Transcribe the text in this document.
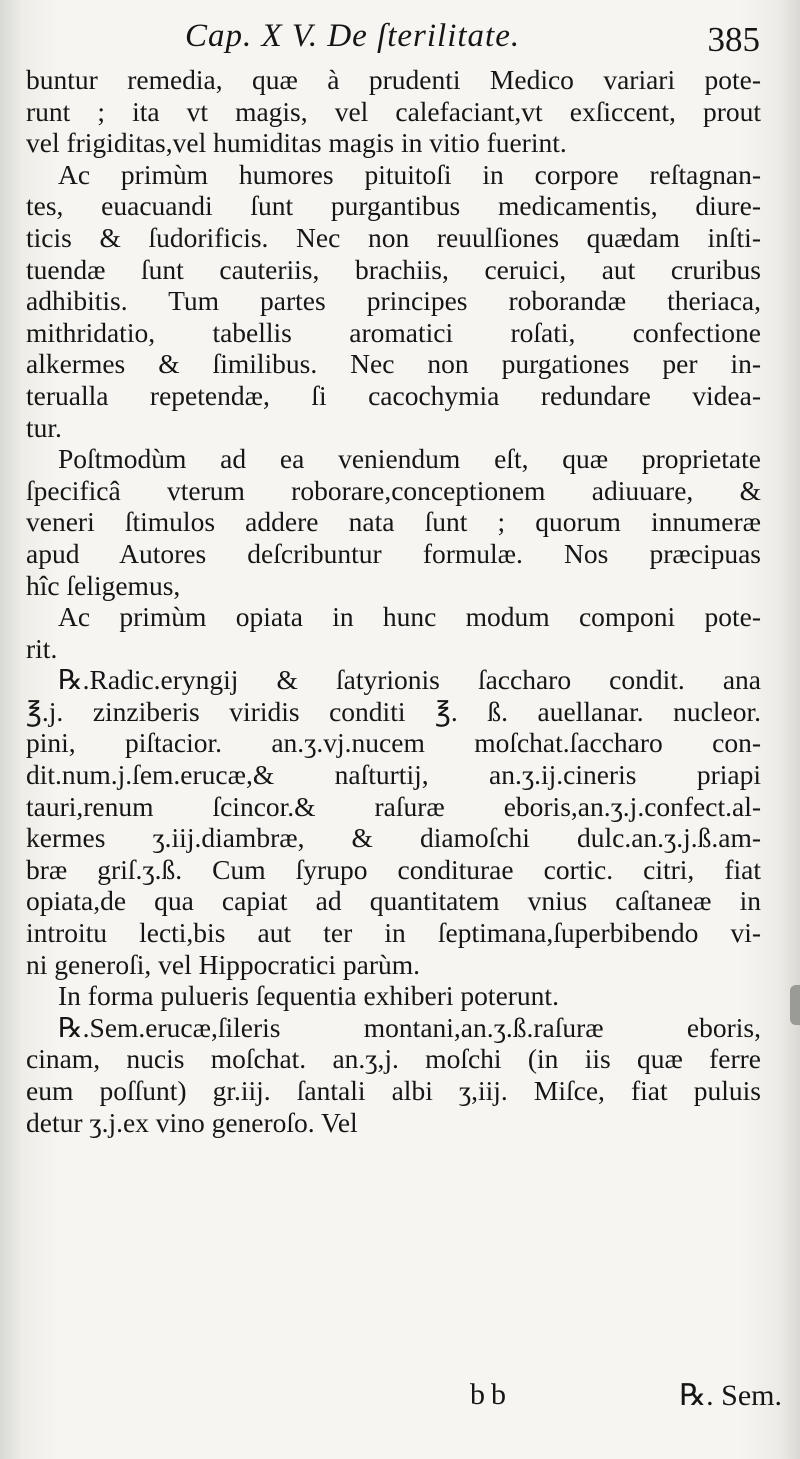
Cap. X V. De ſterilitate.	385
buntur remedia, quæ à prudenti Medico variari pote-
runt ; ita vt magis, vel calefaciant,vt exſiccent, prout
vel frigiditas,vel humiditas magis in vitio fuerint.
Ac primùm humores pituitoſi in corpore reſtagnan-
tes, euacuandi ſunt purgantibus medicamentis, diure-
ticis & ſudorificis. Nec non reuulſiones quædam inſti-
tuendæ ſunt cauteriis, brachiis, ceruici, aut cruribus
adhibitis. Tum partes principes roborandæ theriaca,
mithridatio, tabellis aromatici roſati, confectione
alkermes & ſimilibus. Nec non purgationes per in-
terualla repetendæ, ſi cacochymia redundare videa-
tur.
Poſtmodùm ad ea veniendum eſt, quæ proprietate
ſpecificâ vterum roborare,conceptionem adiuuare, &
veneri ſtimulos addere nata ſunt ; quorum innumeræ
apud Autores deſcribuntur formulæ. Nos præcipuas
hîc ſeligemus,
Ac primùm opiata in hunc modum componi pote-
rit.
℞.Radic.eryngij & ſatyrionis ſaccharo condit. ana
℥.j. zinziberis viridis conditi ℥. ß. auellanar. nucleor.
pini, piſtacior. an.ʒ.vj.nucem moſchat.ſaccharo con-
dit.num.j.ſem.erucæ,& naſturtij, an.ʒ.ij.cineris priapi
tauri,renum ſcincor.& raſuræ eboris,an.ʒ.j.confect.al-
kermes ʒ.iij.diambræ, & diamoſchi dulc.an.ʒ.j.ß.am-
bræ griſ.ʒ.ß. Cum ſyrupo conditurae cortic. citri, fiat
opiata,de qua capiat ad quantitatem vnius caſtaneæ in
introitu lecti,bis aut ter in ſeptimana,ſuperbibendo vi-
ni generoſi, vel Hippocratici parùm.
In forma pulueris ſequentia exhiberi poterunt.
℞.Sem.erucæ,ſileris montani,an.ʒ.ß.raſuræ eboris,
cinam, nucis moſchat. an.ʒ,j. moſchi (in iis quæ ferre
eum poſſunt) gr.iij. ſantali albi ʒ,iij. Miſce, fiat puluis
detur ʒ.j.ex vino generoſo. Vel
bb	℞. Sem.
